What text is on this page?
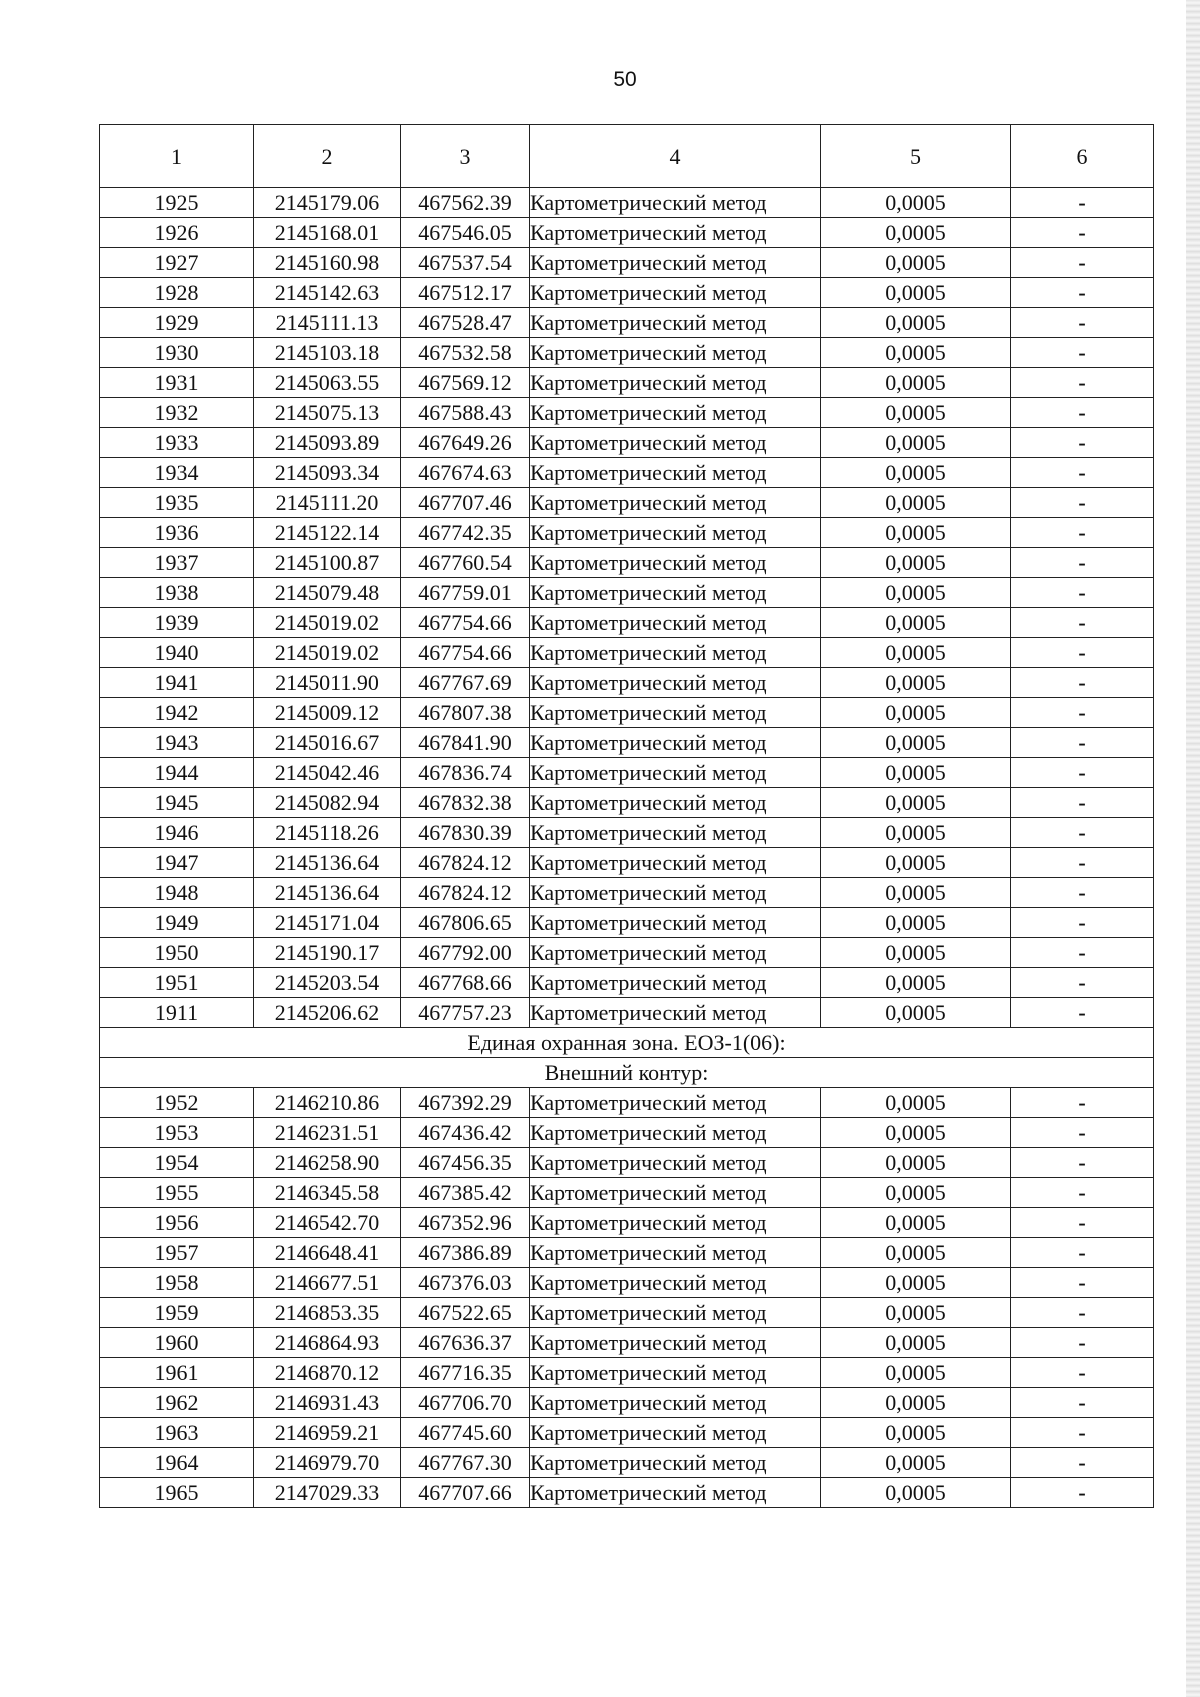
50
1	2	3	4	5	6
1925	2145179.06	467562.39	Картометрический метод	0,0005	-
1926	2145168.01	467546.05	Картометрический метод	0,0005	-
1927	2145160.98	467537.54	Картометрический метод	0,0005	-
1928	2145142.63	467512.17	Картометрический метод	0,0005	-
1929	2145111.13	467528.47	Картометрический метод	0,0005	-
1930	2145103.18	467532.58	Картометрический метод	0,0005	-
1931	2145063.55	467569.12	Картометрический метод	0,0005	-
1932	2145075.13	467588.43	Картометрический метод	0,0005	-
1933	2145093.89	467649.26	Картометрический метод	0,0005	-
1934	2145093.34	467674.63	Картометрический метод	0,0005	-
1935	2145111.20	467707.46	Картометрический метод	0,0005	-
1936	2145122.14	467742.35	Картометрический метод	0,0005	-
1937	2145100.87	467760.54	Картометрический метод	0,0005	-
1938	2145079.48	467759.01	Картометрический метод	0,0005	-
1939	2145019.02	467754.66	Картометрический метод	0,0005	-
1940	2145019.02	467754.66	Картометрический метод	0,0005	-
1941	2145011.90	467767.69	Картометрический метод	0,0005	-
1942	2145009.12	467807.38	Картометрический метод	0,0005	-
1943	2145016.67	467841.90	Картометрический метод	0,0005	-
1944	2145042.46	467836.74	Картометрический метод	0,0005	-
1945	2145082.94	467832.38	Картометрический метод	0,0005	-
1946	2145118.26	467830.39	Картометрический метод	0,0005	-
1947	2145136.64	467824.12	Картометрический метод	0,0005	-
1948	2145136.64	467824.12	Картометрический метод	0,0005	-
1949	2145171.04	467806.65	Картометрический метод	0,0005	-
1950	2145190.17	467792.00	Картометрический метод	0,0005	-
1951	2145203.54	467768.66	Картометрический метод	0,0005	-
1911	2145206.62	467757.23	Картометрический метод	0,0005	-
Единая охранная зона. ЕОЗ-1(06):					
Внешний контур:					
1952	2146210.86	467392.29	Картометрический метод	0,0005	-
1953	2146231.51	467436.42	Картометрический метод	0,0005	-
1954	2146258.90	467456.35	Картометрический метод	0,0005	-
1955	2146345.58	467385.42	Картометрический метод	0,0005	-
1956	2146542.70	467352.96	Картометрический метод	0,0005	-
1957	2146648.41	467386.89	Картометрический метод	0,0005	-
1958	2146677.51	467376.03	Картометрический метод	0,0005	-
1959	2146853.35	467522.65	Картометрический метод	0,0005	-
1960	2146864.93	467636.37	Картометрический метод	0,0005	-
1961	2146870.12	467716.35	Картометрический метод	0,0005	-
1962	2146931.43	467706.70	Картометрический метод	0,0005	-
1963	2146959.21	467745.60	Картометрический метод	0,0005	-
1964	2146979.70	467767.30	Картометрический метод	0,0005	-
1965	2147029.33	467707.66	Картометрический метод	0,0005	-
